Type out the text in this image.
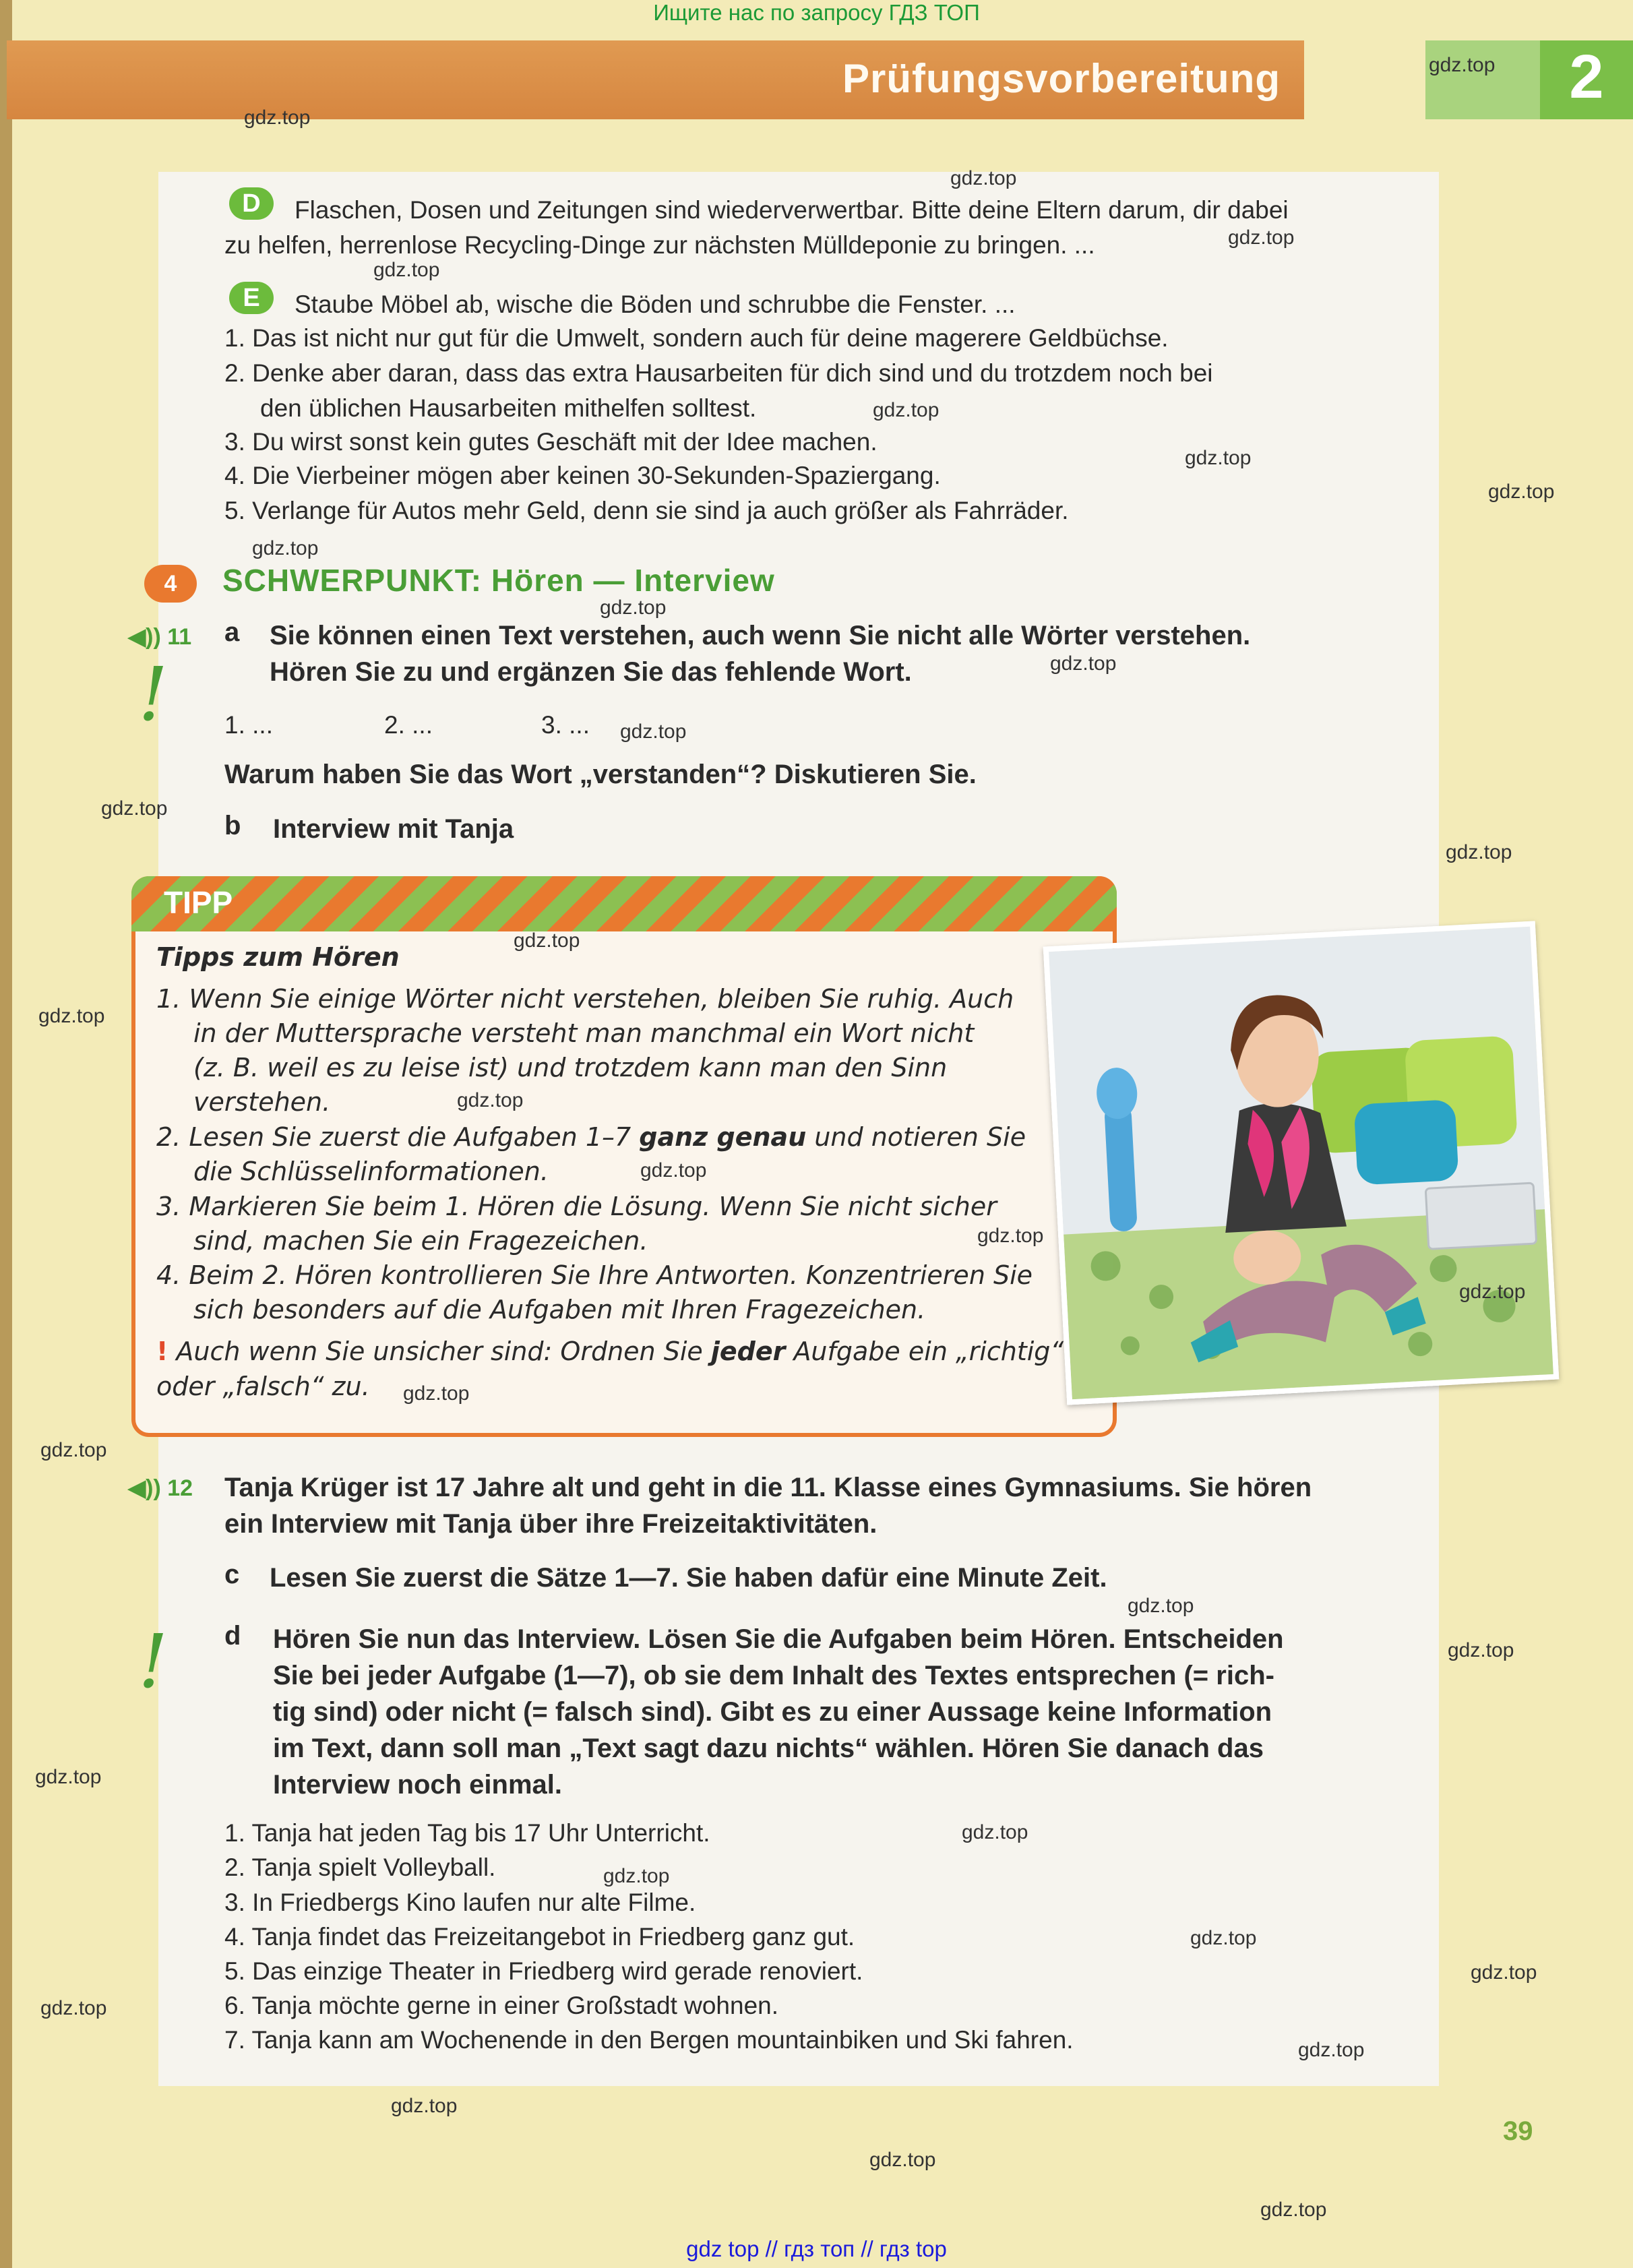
Ищите нас по запросу ГДЗ ТОП
Prüfungsvorbereitung	2
D	Flaschen, Dosen und Zeitungen sind wiederverwertbar. Bitte deine Eltern darum, dir dabei
zu helfen, herrenlose Recycling-Dinge zur nächsten Mülldeponie zu bringen. ...
E	Staube Möbel ab, wische die Böden und schrubbe die Fenster. ...
1. Das ist nicht nur gut für die Umwelt, sondern auch für deine magerere Geldbüchse.
2. Denke aber daran, dass das extra Hausarbeiten für dich sind und du trotzdem noch bei
den üblichen Hausarbeiten mithelfen solltest.
3. Du wirst sonst kein gutes Geschäft mit der Idee machen.
4. Die Vierbeiner mögen aber keinen 30-Sekunden-Spaziergang.
5. Verlange für Autos mehr Geld, denn sie sind ja auch größer als Fahrräder.
4	SCHWERPUNKT: Hören — Interview
◀)) 11 a Sie können einen Text verstehen, auch wenn Sie nicht alle Wörter verstehen.
Hören Sie zu und ergänzen Sie das fehlende Wort.
! 1. ...	2. ...	3. ...
Warum haben Sie das Wort „verstanden“? Diskutieren Sie.
b Interview mit Tanja
TIPP
Tipps zum Hören
1. Wenn Sie einige Wörter nicht verstehen, bleiben Sie ruhig. Auch
in der Muttersprache versteht man manchmal ein Wort nicht
(z. B. weil es zu leise ist) und trotzdem kann man den Sinn
verstehen.
2. Lesen Sie zuerst die Aufgaben 1–7 ganz genau und notieren Sie
die Schlüsselinformationen.
3. Markieren Sie beim 1. Hören die Lösung. Wenn Sie nicht sicher
sind, machen Sie ein Fragezeichen.
4. Beim 2. Hören kontrollieren Sie Ihre Antworten. Konzentrieren Sie
sich besonders auf die Aufgaben mit Ihren Fragezeichen.
! Auch wenn Sie unsicher sind: Ordnen Sie jeder Aufgabe ein „richtig“
oder „falsch“ zu.
◀)) 12 Tanja Krüger ist 17 Jahre alt und geht in die 11. Klasse eines Gymnasiums. Sie hören
ein Interview mit Tanja über ihre Freizeitaktivitäten.
c Lesen Sie zuerst die Sätze 1—7. Sie haben dafür eine Minute Zeit.
! d Hören Sie nun das Interview. Lösen Sie die Aufgaben beim Hören. Entscheiden
Sie bei jeder Aufgabe (1—7), ob sie dem Inhalt des Textes entsprechen (= rich-
tig sind) oder nicht (= falsch sind). Gibt es zu einer Aussage keine Information
im Text, dann soll man „Text sagt dazu nichts“ wählen. Hören Sie danach das
Interview noch einmal.
1. Tanja hat jeden Tag bis 17 Uhr Unterricht.
2. Tanja spielt Volleyball.
3. In Friedbergs Kino laufen nur alte Filme.
4. Tanja findet das Freizeitangebot in Friedberg ganz gut.
5. Das einzige Theater in Friedberg wird gerade renoviert.
6. Tanja möchte gerne in einer Großstadt wohnen.
7. Tanja kann am Wochenende in den Bergen mountainbiken und Ski fahren.
39
gdz.top
gdz.top
gdz.top
gdz.top
gdz.top
gdz.top
gdz.top
gdz.top
gdz.top
gdz.top
gdz.top
gdz.top
gdz.top
gdz.top
gdz.top
gdz.top
gdz.top
gdz.top
gdz.top
gdz.top
gdz.top
gdz.top
gdz.top
gdz.top
gdz.top
gdz.top
gdz.top
gdz.top
gdz.top
gdz.top
gdz.top
gdz.top
gdz.top
gdz.top
gdz top // гдз топ // гдз top
